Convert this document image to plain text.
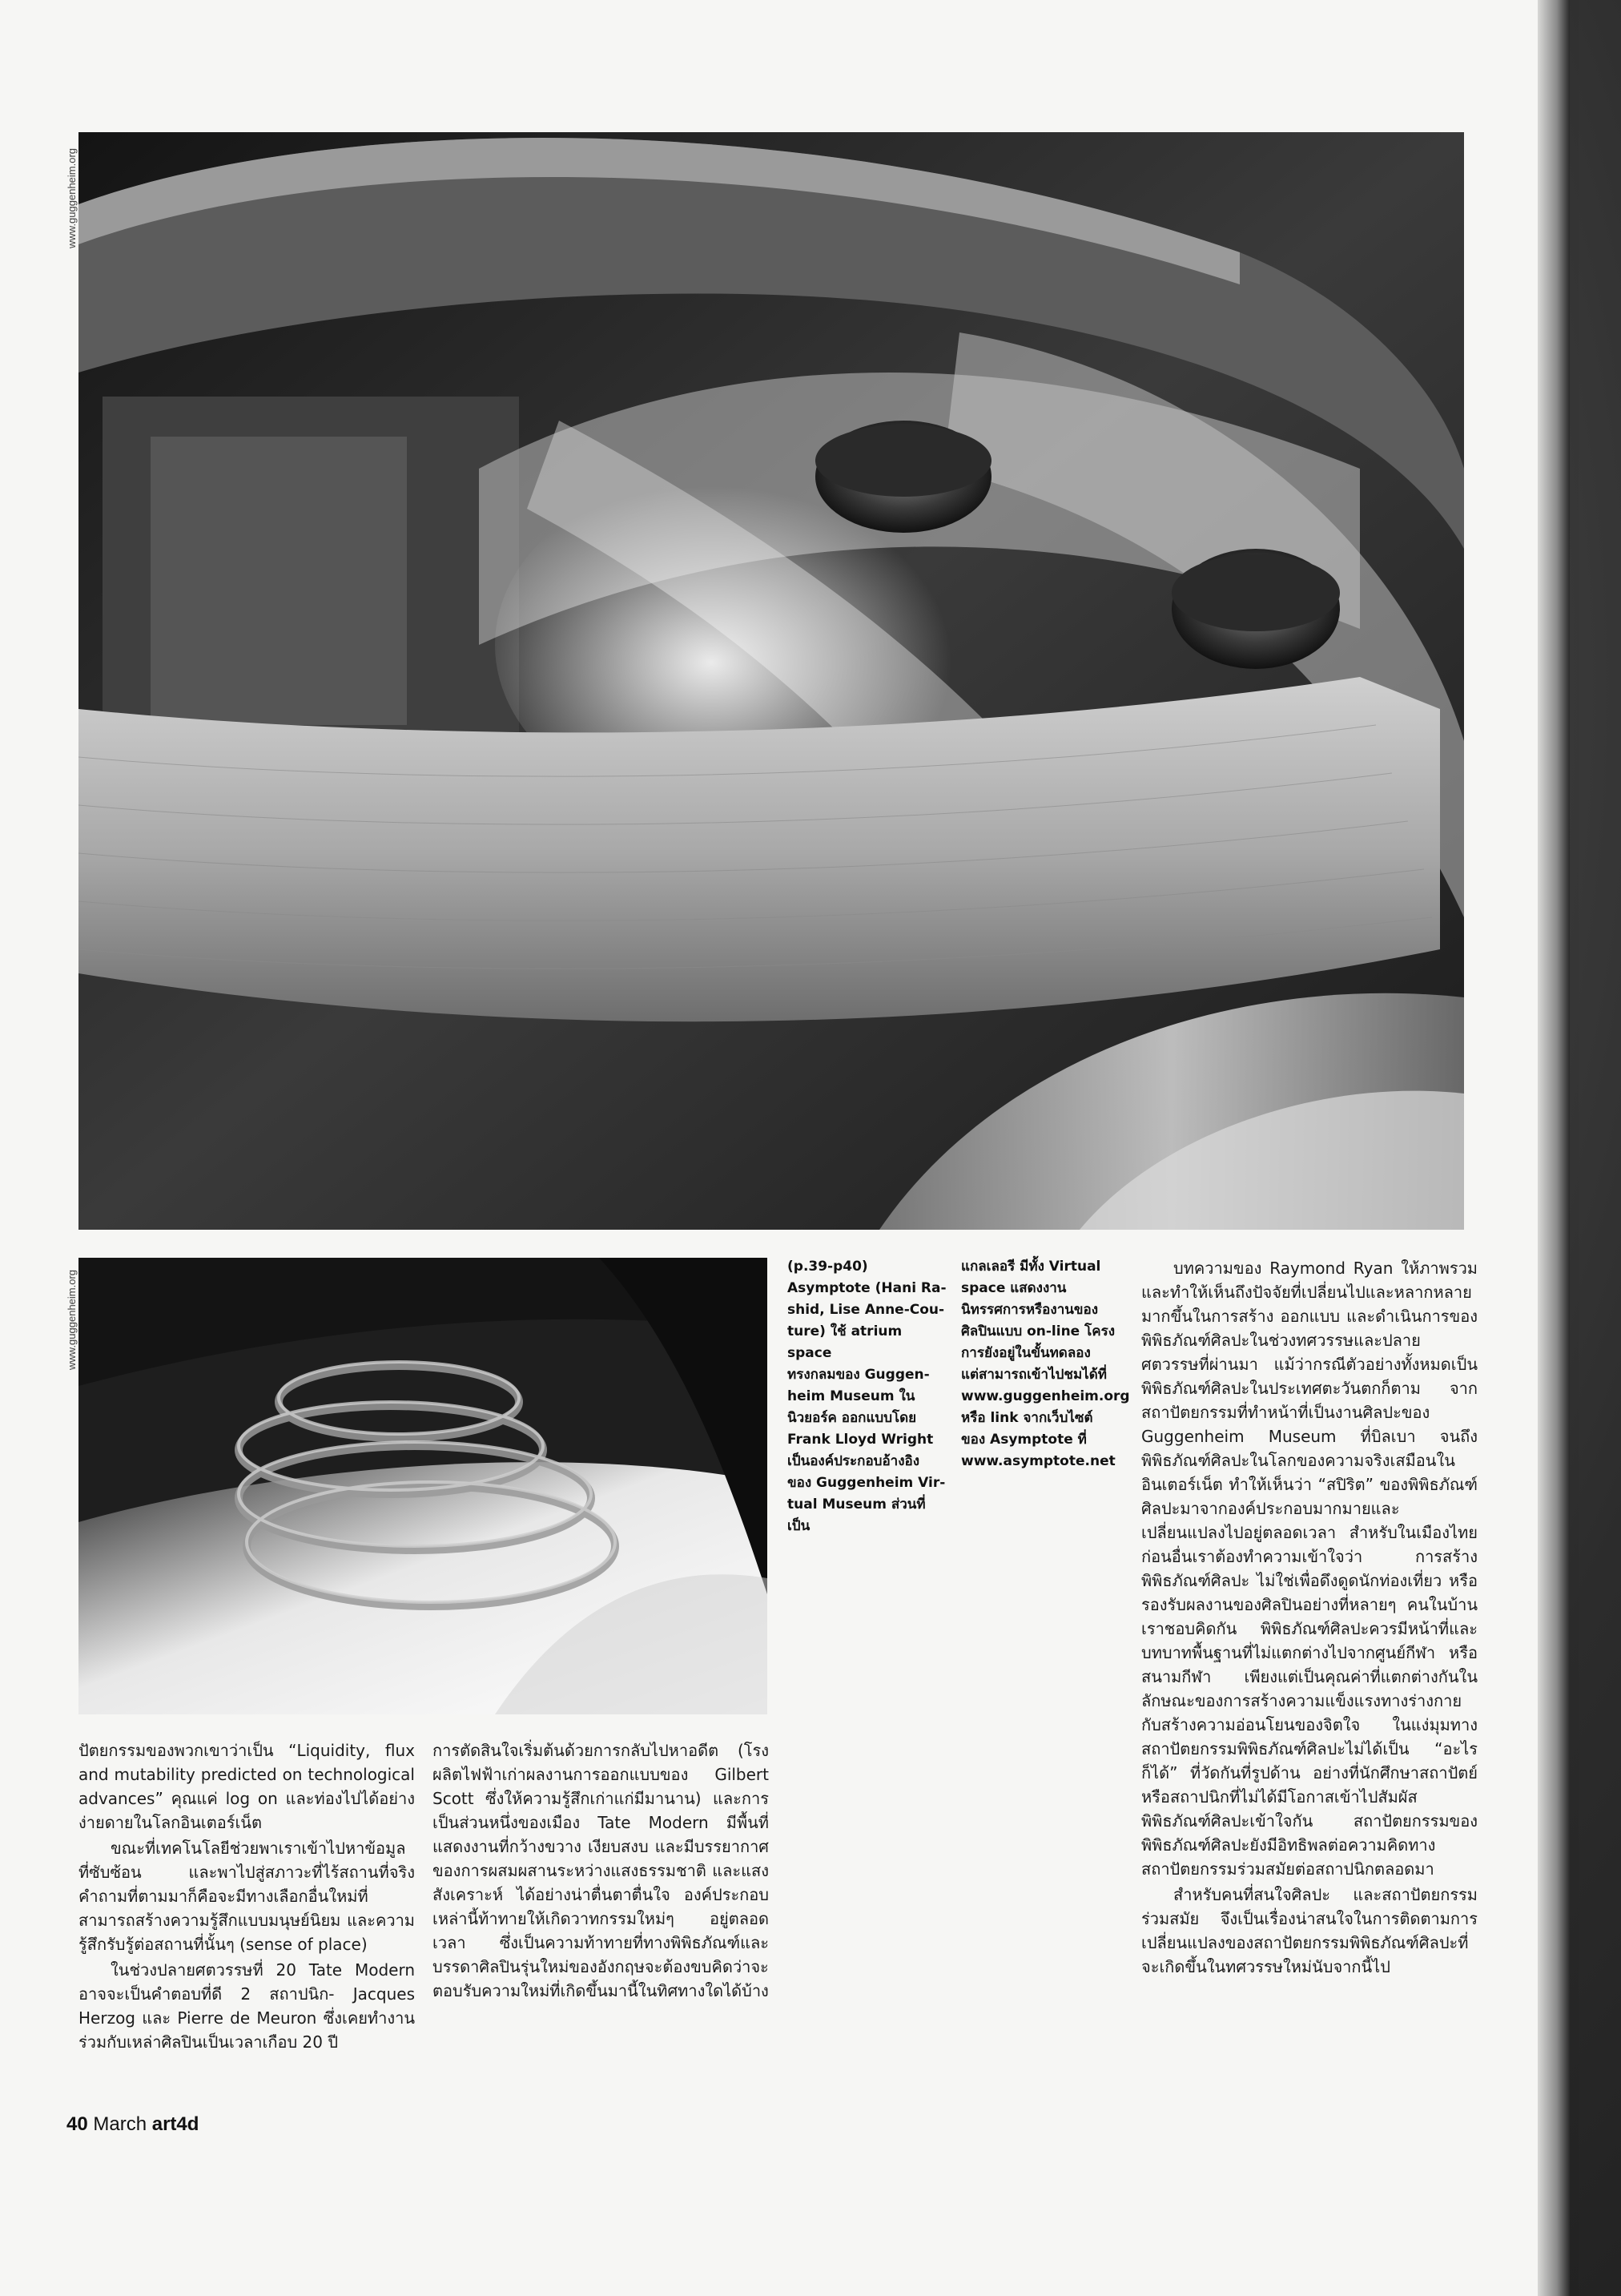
www.guggenheim.org
www.guggenheim.org

(p.39-p40)

Asymptote (Hani Ra-

shid, Lise Anne-Cou-

ture) ใช้ atrium space

ทรงกลมของ Guggen-

heim Museum ใน

นิวยอร์ค ออกแบบโดย

Frank Lloyd Wright

เป็นองค์ประกอบอ้างอิง

ของ Guggenheim Vir-

tual Museum ส่วนที่เป็น

แกลเลอรี มีทั้ง Virtual

space แสดงงาน

นิทรรศการหรืองานของ

ศิลปินแบบ on-line โครง

การยังอยู่ในขั้นทดลอง

แต่สามารถเข้าไปชมได้ที่

www.guggenheim.org

หรือ link จากเว็บไซต์

ของ Asymptote ที่

www.asymptote.net

ปัตยกรรมของพวกเขาว่าเป็น “Liquidity, flux and mutability predicted on technological advances” คุณแค่ log on และท่องไปได้อย่างง่ายดายในโลกอินเตอร์เน็ต

ขณะที่เทคโนโลยีช่วยพาเราเข้าไปหาข้อมูลที่ซับซ้อน และพาไปสู่สภาวะที่ไร้สถานที่จริง คำถามที่ตามมาก็คือจะมีทางเลือกอื่นใหม่ที่สามารถสร้างความรู้สึกแบบมนุษย์นิยม และความรู้สึกรับรู้ต่อสถานที่นั้นๆ (sense of place)

ในช่วงปลายศตวรรษที่ 20 Tate Modern อาจจะเป็นคำตอบที่ดี 2 สถาปนิก- Jacques Herzog และ Pierre de Meuron ซึ่งเคยทำงานร่วมกับเหล่าศิลปินเป็นเวลาเกือบ 20 ปี

การตัดสินใจเริ่มต้นด้วยการกลับไปหาอดีต (โรงผลิตไฟฟ้าเก่าผลงานการออกแบบของ Gilbert Scott ซึ่งให้ความรู้สึกเก่าแก่มีมานาน) และการเป็นส่วนหนึ่งของเมือง Tate Modern มีพื้นที่แสดงงานที่กว้างขวาง เงียบสงบ และมีบรรยากาศของการผสมผสานระหว่างแสงธรรมชาติ และแสงสังเคราะห์ ได้อย่างน่าตื่นตาตื่นใจ องค์ประกอบเหล่านี้ท้าทายให้เกิดวาทกรรมใหม่ๆ อยู่ตลอดเวลา ซึ่งเป็นความท้าทายที่ทางพิพิธภัณฑ์และบรรดาศิลปินรุ่นใหม่ของอังกฤษจะต้องขบคิดว่าจะ ตอบรับความใหม่ที่เกิดขึ้นมานี้ในทิศทางใดได้บ้าง

บทความของ Raymond Ryan ให้ภาพรวม และทำให้เห็นถึงปัจจัยที่เปลี่ยนไปและหลากหลายมากขึ้นในการสร้าง ออกแบบ และดำเนินการของพิพิธภัณฑ์ศิลปะในช่วงทศวรรษและปลายศตวรรษที่ผ่านมา แม้ว่ากรณีตัวอย่างทั้งหมดเป็นพิพิธภัณฑ์ศิลปะในประเทศตะวันตกก็ตาม จากสถาปัตยกรรมที่ทำหน้าที่เป็นงานศิลปะของ Guggenheim Museum ที่บิลเบา จนถึงพิพิธภัณฑ์ศิลปะในโลกของความจริงเสมือนในอินเตอร์เน็ต ทำให้เห็นว่า “สปิริต” ของพิพิธภัณฑ์ศิลปะมาจากองค์ประกอบมากมายและเปลี่ยนแปลงไปอยู่ตลอดเวลา สำหรับในเมืองไทย ก่อนอื่นเราต้องทำความเข้าใจว่า การสร้างพิพิธภัณฑ์ศิลปะ ไม่ใช่เพื่อดึงดูดนักท่องเที่ยว หรือรองรับผลงานของศิลปินอย่างที่หลายๆ คนในบ้านเราชอบคิดกัน พิพิธภัณฑ์ศิลปะควรมีหน้าที่และบทบาทพื้นฐานที่ไม่แตกต่างไปจากศูนย์กีฬา หรือสนามกีฬา เพียงแต่เป็นคุณค่าที่แตกต่างกันในลักษณะของการสร้างความแข็งแรงทางร่างกาย กับสร้างความอ่อนโยนของจิตใจ ในแง่มุมทางสถาปัตยกรรมพิพิธภัณฑ์ศิลปะไม่ได้เป็น “อะไรก็ได้” ที่วัดกันที่รูปด้าน อย่างที่นักศึกษาสถาปัตย์หรือสถาปนิกที่ไม่ได้มีโอกาสเข้าไปสัมผัสพิพิธภัณฑ์ศิลปะเข้าใจกัน สถาปัตยกรรมของพิพิธภัณฑ์ศิลปะยังมีอิทธิพลต่อความคิดทางสถาปัตยกรรมร่วมสมัยต่อสถาปนิกตลอดมา

สำหรับคนที่สนใจศิลปะ และสถาปัตยกรรมร่วมสมัย จึงเป็นเรื่องน่าสนใจในการติดตามการเปลี่ยนแปลงของสถาปัตยกรรมพิพิธภัณฑ์ศิลปะที่จะเกิดขึ้นในทศวรรษใหม่นับจากนี้ไป

40 March art4d
